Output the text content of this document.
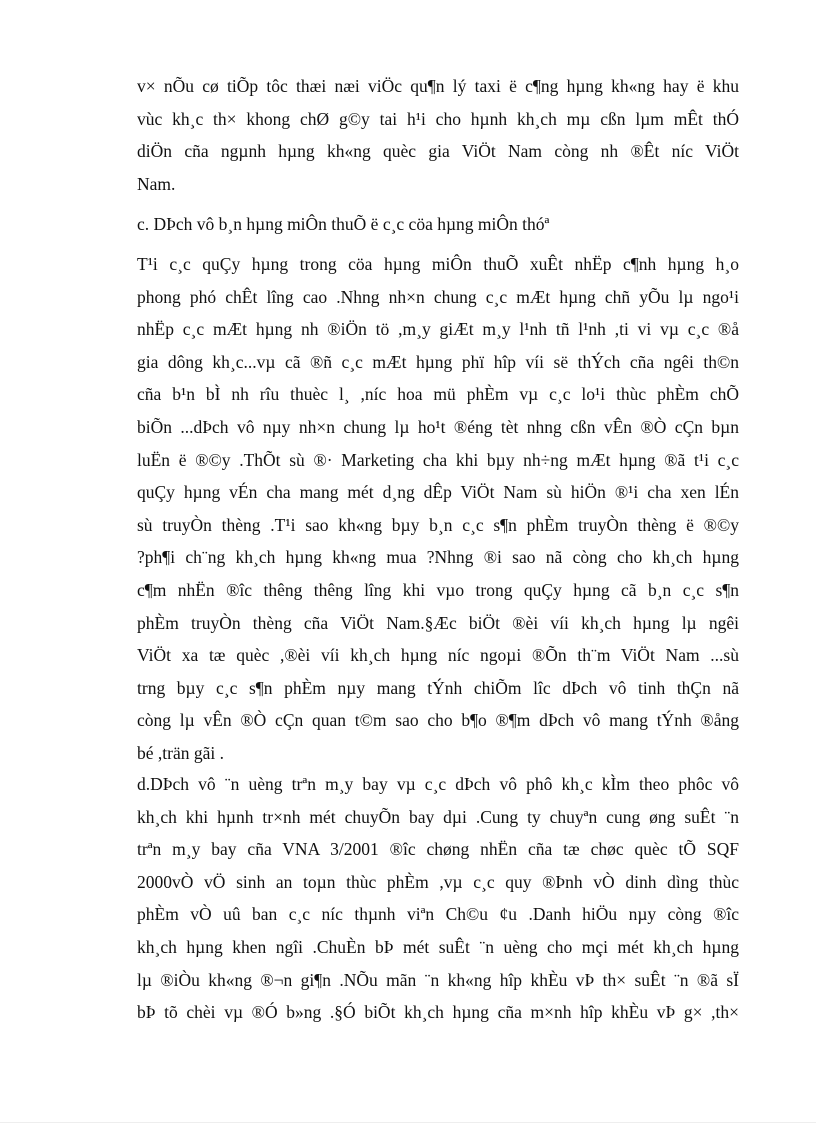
v× nÕu cø tiÕp tôc thæi næi viÖc qu¶n lý taxi ë c¶ng hµng kh«ng hay ë khu
vùc kh¸c th× khong chØ g©y tai h¹i cho hµnh kh¸ch mµ cßn lµm mÊt thÓ
diÖn cña ngµnh hµng kh«ng quèc gia ViÖt Nam còng nh ®Êt níc ViÖt
Nam.

c. DÞch vô b¸n hµng miÔn thuÕ ë c¸c cöa hµng miÔn thóª

T¹i c¸c quÇy hµng trong cöa hµng miÔn thuÕ xuÊt nhËp c¶nh hµng h¸o
phong phó chÊt lîng cao .Nhng nh×n chung c¸c mÆt hµng chñ yÕu lµ ngo¹i
nhËp c¸c mÆt hµng nh ®iÖn tö ,m¸y giÆt m¸y l¹nh tñ l¹nh ,ti vi vµ c¸c ®å
gia dông kh¸c...vµ cã ®ñ c¸c mÆt hµng phï hîp víi së thÝch cña ngêi th©n
cña b¹n bÌ nh rîu thuèc l¸ ,níc hoa mü phÈm vµ c¸c lo¹i thùc phÈm chÕ
biÕn ...dÞch vô nµy nh×n chung lµ ho¹t ®éng tèt nhng cßn vÊn ®Ò cÇn bµn
luËn ë ®©y .ThÕt sù ®· Marketing cha khi bµy nh÷ng mÆt hµng ®ã t¹i c¸c
quÇy hµng vÉn cha mang mét d¸ng dÊp ViÖt Nam sù hiÖn ®¹i cha xen lÉn
sù truyÒn thèng .T¹i sao kh«ng bµy b¸n c¸c s¶n phÈm truyÒn thèng ë ®©y
?ph¶i ch¨ng kh¸ch hµng kh«ng mua ?Nhng ®i sao nã còng cho kh¸ch hµng
c¶m nhËn ®îc thêng thêng lîng khi vµo trong quÇy hµng cã b¸n c¸c s¶n
phÈm truyÒn thèng cña ViÖt Nam.§Æc biÖt ®èi víi kh¸ch hµng lµ ngêi
ViÖt xa tæ quèc ,®èi víi kh¸ch hµng níc ngoµi ®Õn th¨m ViÖt Nam ...sù
trng bµy c¸c s¶n phÈm nµy mang tÝnh chiÕm lîc dÞch vô tinh thÇn nã
còng lµ vÊn ®Ò cÇn quan t©m sao cho b¶o ®¶m dÞch vô mang tÝnh ®ång
bé ,trän gãi .

d.DÞch vô ¨n uèng trªn m¸y bay vµ c¸c dÞch vô phô kh¸c kÌm theo phôc vô
kh¸ch khi hµnh tr×nh mét chuyÕn bay dµi .Cung ty chuyªn cung øng suÊt ¨n
trªn m¸y bay cña VNA 3/2001 ®îc chøng nhËn cña tæ chøc quèc tÕ SQF
2000vÒ vÖ sinh an toµn thùc phÈm ,vµ c¸c quy ®Þnh vÒ dinh dìng thùc
phÈm vÒ uû ban c¸c níc thµnh viªn Ch©u ¢u .Danh hiÖu nµy còng ®îc
kh¸ch hµng khen ngîi .ChuÈn bÞ mét suÊt ¨n uèng cho mçi mét kh¸ch hµng
lµ ®iÒu kh«ng ®¬n gi¶n .NÕu mãn ¨n kh«ng hîp khÈu vÞ th× suÊt ¨n ®ã sÏ
bÞ tõ chèi vµ ®Ó b»ng .§Ó biÕt kh¸ch hµng cña m×nh hîp khÈu vÞ g× ,th×
